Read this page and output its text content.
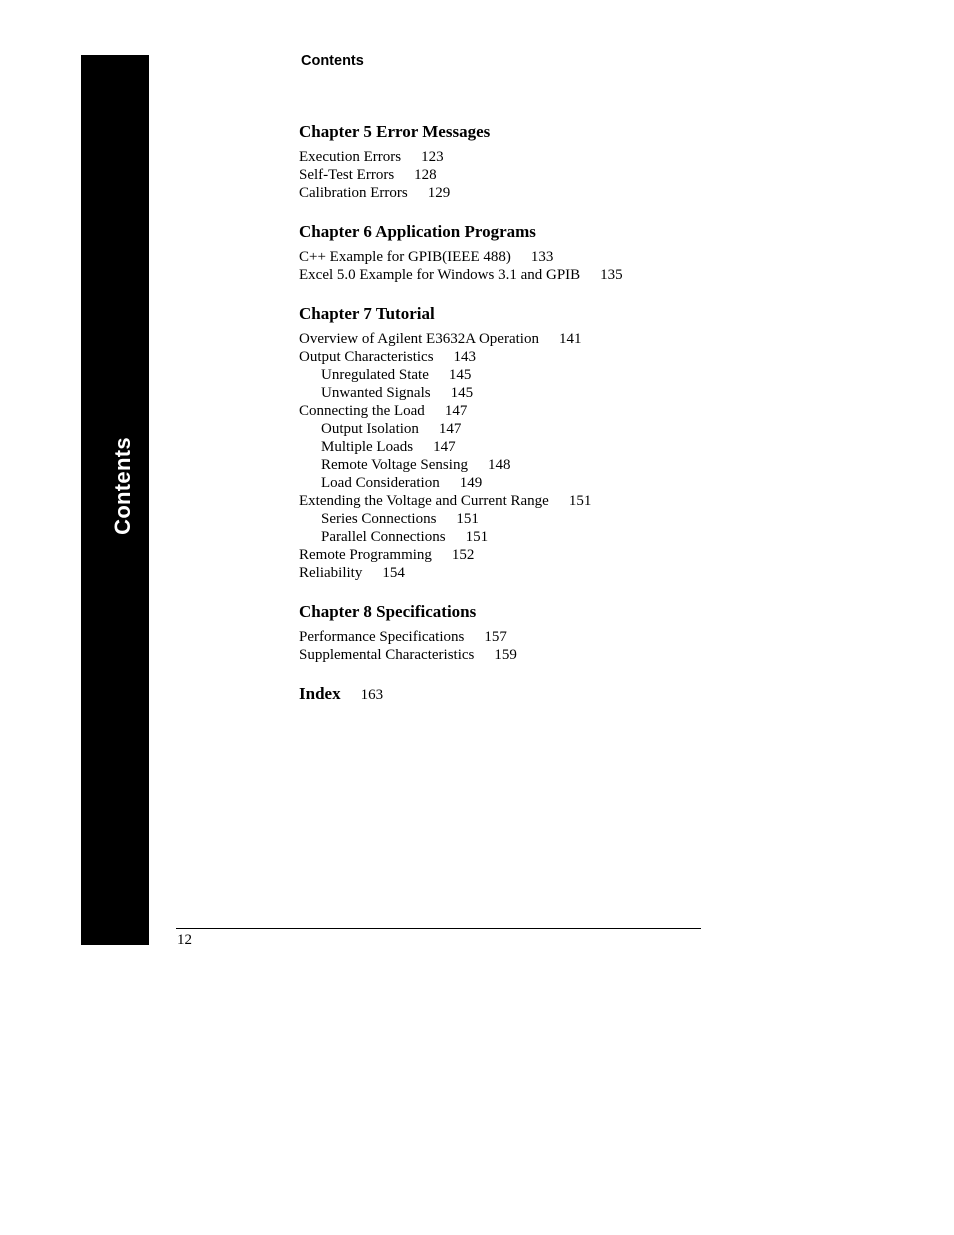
Contents
Contents
Chapter 5 Error Messages
Execution Errors 123
Self-Test Errors 128
Calibration Errors 129
Chapter 6 Application Programs
C++ Example for GPIB(IEEE 488) 133
Excel 5.0 Example for Windows 3.1 and GPIB 135
Chapter 7 Tutorial
Overview of Agilent E3632A Operation 141
Output Characteristics 143
Unregulated State 145
Unwanted Signals 145
Connecting the Load 147
Output Isolation 147
Multiple Loads 147
Remote Voltage Sensing 148
Load Consideration 149
Extending the Voltage and Current Range 151
Series Connections 151
Parallel Connections 151
Remote Programming 152
Reliability 154
Chapter 8 Specifications
Performance Specifications 157
Supplemental Characteristics 159
Index 163
12
